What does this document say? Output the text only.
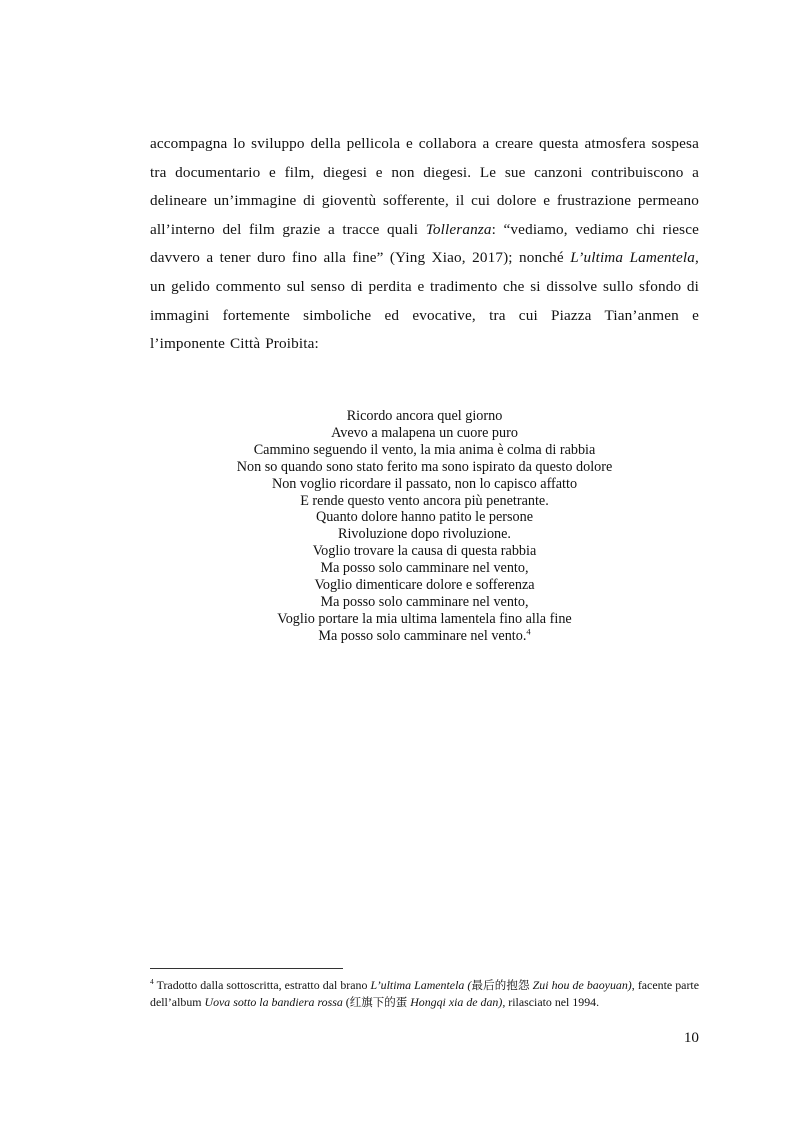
accompagna lo sviluppo della pellicola e collabora a creare questa atmosfera sospesa tra documentario e film, diegesi e non diegesi. Le sue canzoni contribuiscono a delineare un’immagine di gioventù sofferente, il cui dolore e frustrazione permeano all’interno del film grazie a tracce quali Tolleranza: “vediamo, vediamo chi riesce davvero a tener duro fino alla fine” (Ying Xiao, 2017); nonché L’ultima Lamentela, un gelido commento sul senso di perdita e tradimento che si dissolve sullo sfondo di immagini fortemente simboliche ed evocative, tra cui Piazza Tian’anmen e l’imponente Città Proibita:
Ricordo ancora quel giorno
Avevo a malapena un cuore puro
Cammino seguendo il vento, la mia anima è colma di rabbia
Non so quando sono stato ferito ma sono ispirato da questo dolore
Non voglio ricordare il passato, non lo capisco affatto
E rende questo vento ancora più penetrante.
Quanto dolore hanno patito le persone
Rivoluzione dopo rivoluzione.
Voglio trovare la causa di questa rabbia
Ma posso solo camminare nel vento,
Voglio dimenticare dolore e sofferenza
Ma posso solo camminare nel vento,
Voglio portare la mia ultima lamentela fino alla fine
Ma posso solo camminare nel vento.$^4$
$^4$ Tradotto dalla sottoscritta, estratto dal brano L’ultima Lamentela (最后的抱怨 Zui hou de baoyuan), facente parte dell’album Uova sotto la bandiera rossa (红旗下的蛋 Hongqi xia de dan), rilasciato nel 1994.
10
